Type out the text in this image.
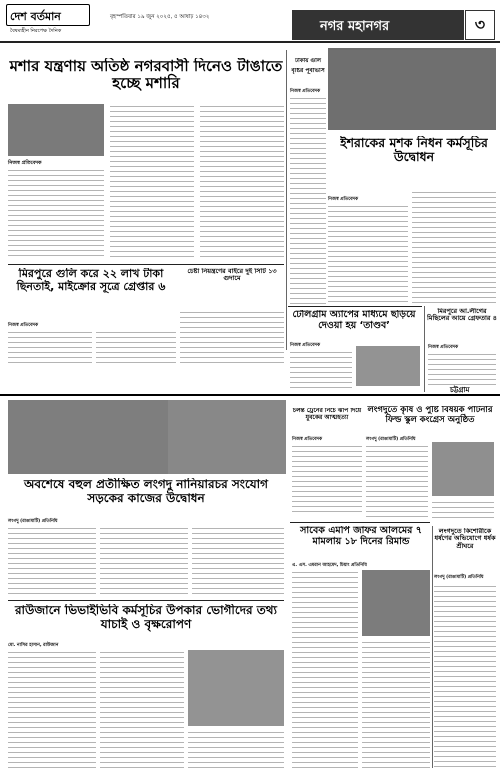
দেশ বর্তমান
বৈষম্যহীন নিরপেক্ষ দৈনিক
বৃহস্পতিবার ১৯ জুন ২০২৫, ৫ আষাঢ় ১৪৩২
নগর মহানগর	৩
মশার যন্ত্রণায় অতিষ্ঠ নগরবাসী দিনেও টাঙাতে হচ্ছে মশারি
নিজস্ব প্রতিবেদক
ঢাকায় গুলি
বৃষ্টির পূর্বাভাস
নিজস্ব প্রতিবেদক
ইশরাকের মশক নিধন কর্মসূচির উদ্বোধন
নিজস্ব প্রতিবেদক
মিরপুরে গুলি করে ২২ লাখ টাকা ছিনতাই, মাইক্রোর সূত্রে গ্রেপ্তার ৬
নিজস্ব প্রতিবেদক
চেষ্টা নিয়ন্ত্রণের বাইরে দুই সিটি ১৩ গুদামে
টেলিগ্রাম অ্যাপের মাধ্যমে ছড়িয়ে দেওয়া হয় ‘তাণ্ডব’
নিজস্ব প্রতিবেদক
মিরপুরে আ.লীগের মিছিলের আয়ে গ্রেফতার ৪
নিজস্ব প্রতিবেদক
চট্টগ্রাম
চলন্ত ট্রেনের নিচে ঝাঁপ দিয়ে যুবকের আত্মহত্যা
নিজস্ব প্রতিবেদক
লংগদুতে কৃষি ও পুষ্টি বিষয়ক পাটনার ফিল্ড স্কুল কংগ্রেস অনুষ্ঠিত
লংগদু (রাঙামাটি) প্রতিনিধি
অবশেষে বহুল প্রতীক্ষিত লংগদু নানিয়ারচর সংযোগ সড়কের কাজের উদ্বোধন
লংগদু (রাঙামাটি) প্রতিনিধি
সাবেক এমপি জাফর আলমের ৭ মামলায় ১৮ দিনের রিমান্ড
এ. এস. এমরান আহমেদ, চিয়াং প্রতিনিধি
রাউজানে ভিভাইভিবি কর্মসূচির উপকার ভোগীদের তথ্য যাচাই ও বৃক্ষরোপণ
মো. নাসির হাসান, রাউজান
লংগদুতে কিশোরীকে ধর্ষণের অভিযোগে ধর্ষক শ্রীঘরে
লংগদু (রাঙামাটি) প্রতিনিধি
